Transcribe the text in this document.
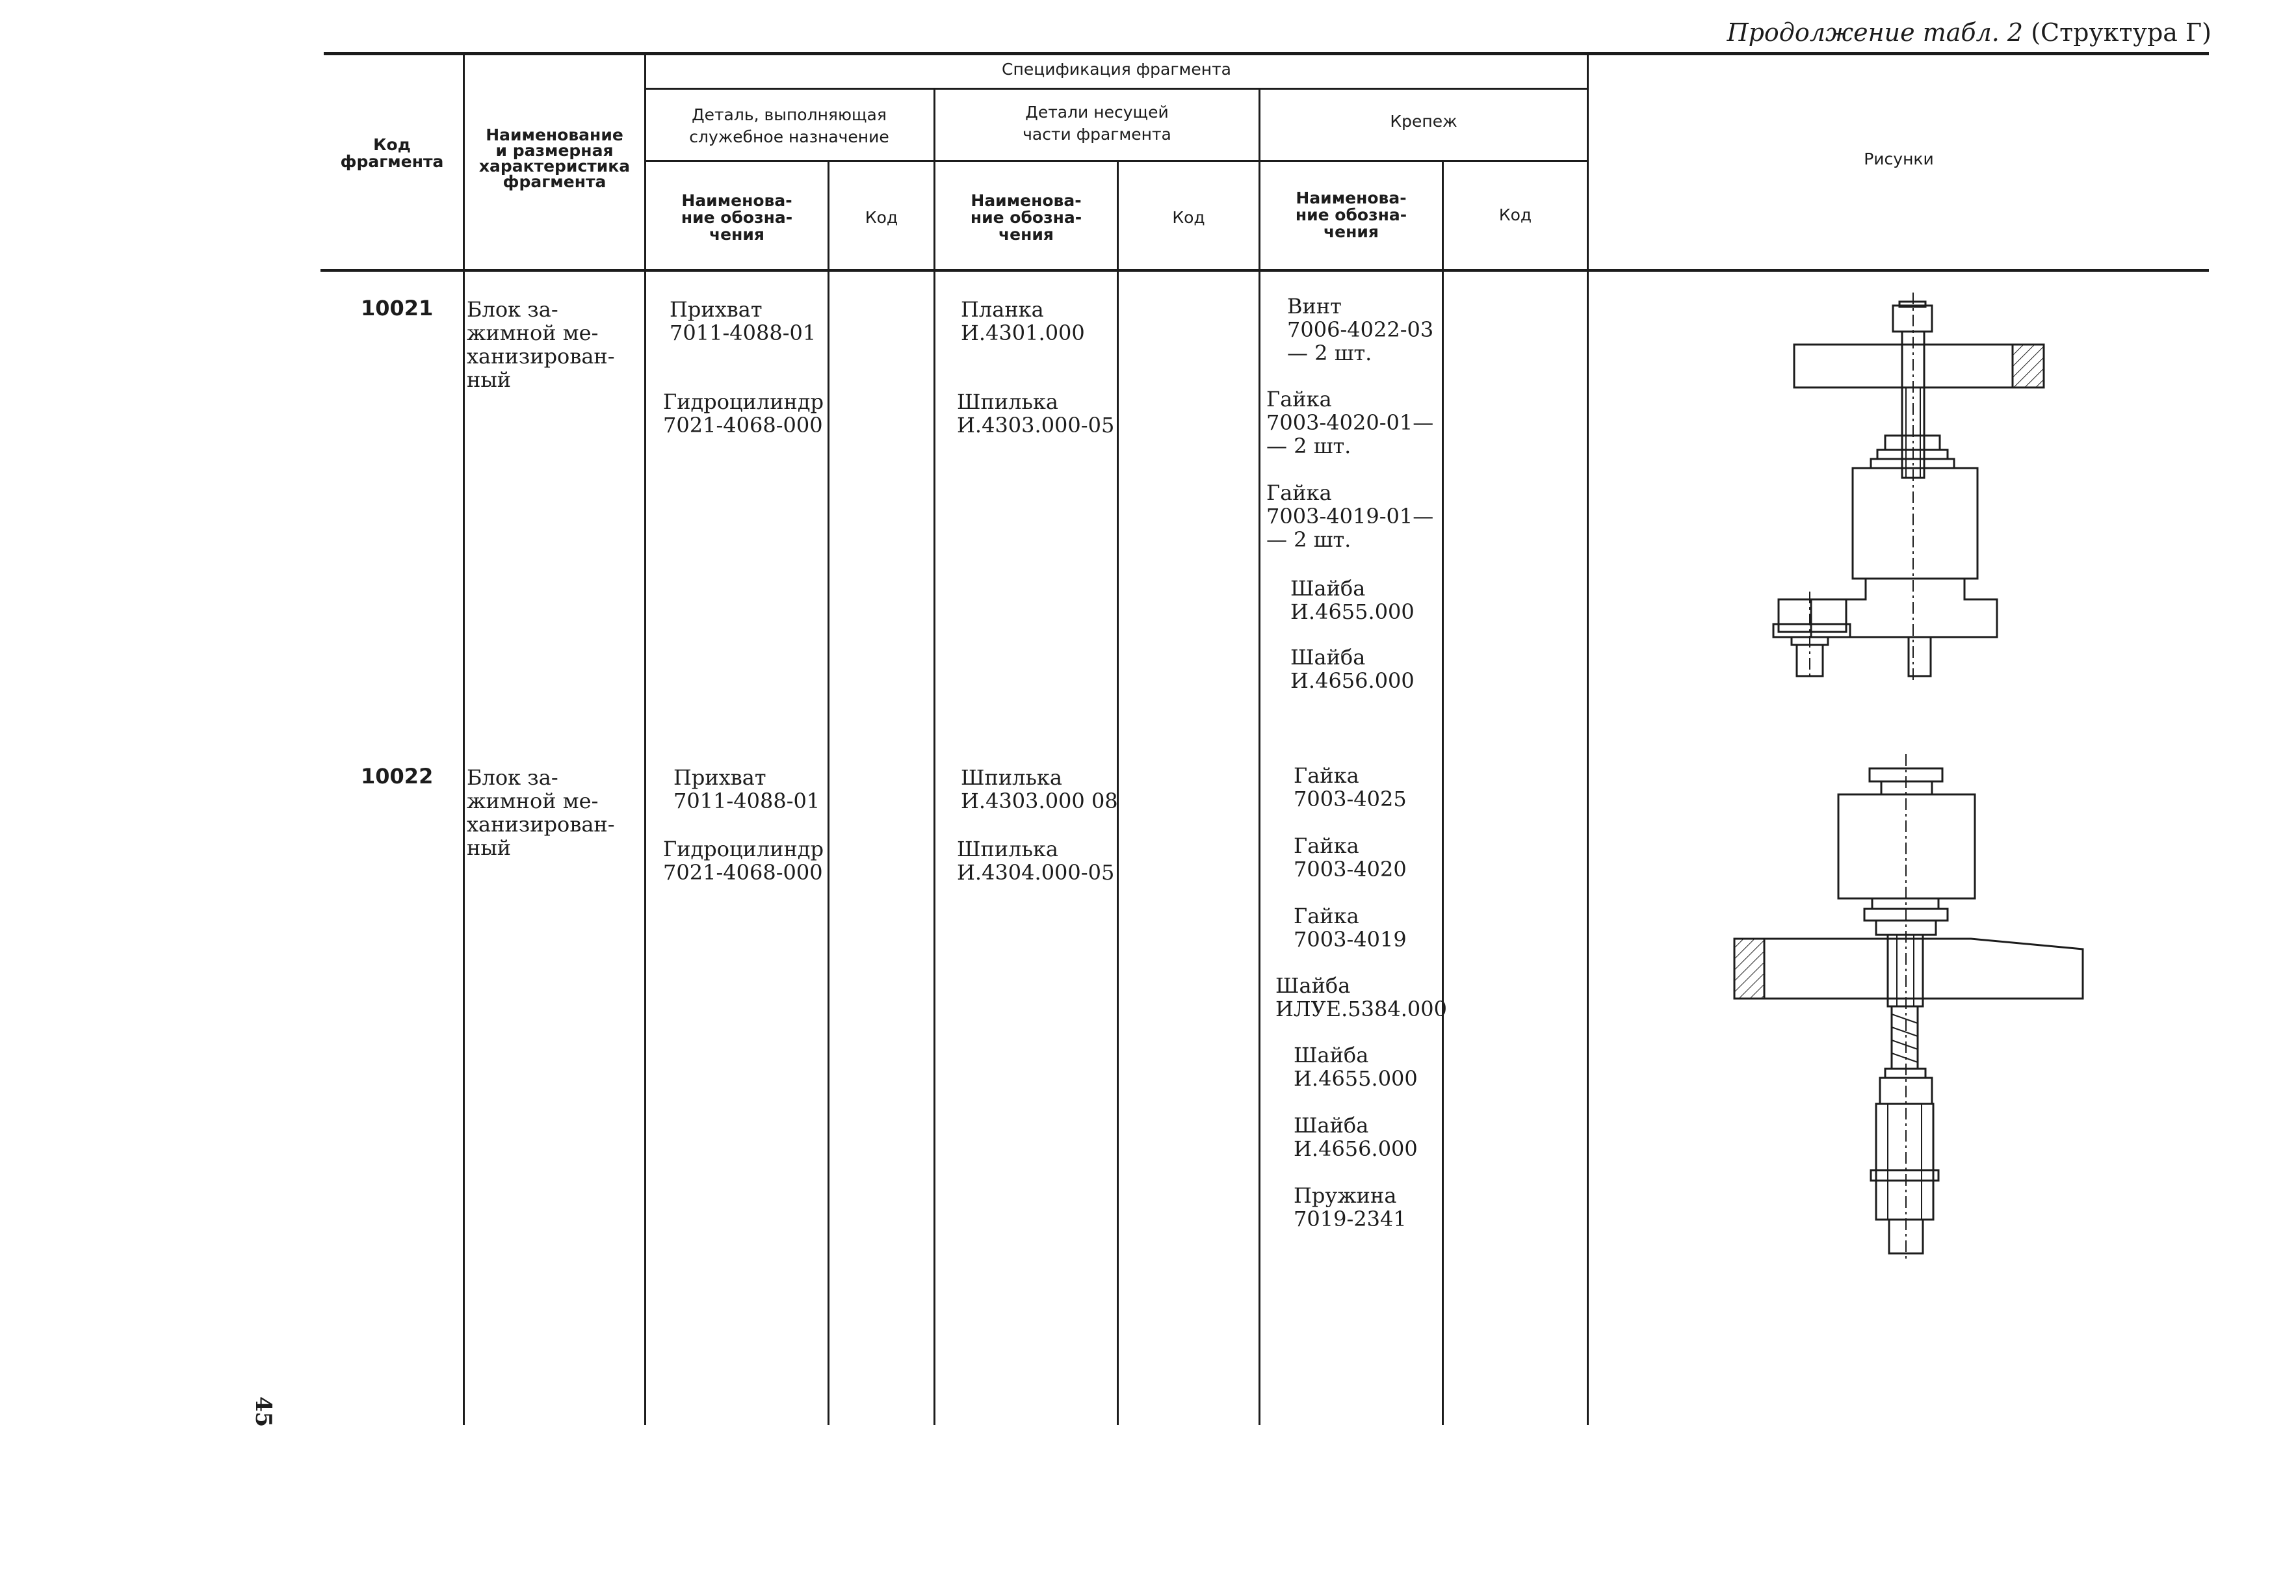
Продолжение табл. 2 (Структура Г)
Код
фрагмента
Наименование
и размерная
характеристика
фрагмента
Спецификация фрагмента
Деталь, выполняющая
служебное назначение
Детали несущей
части фрагмента
Крепеж
Рисунки
Наименова-
ние обозна-
чения
Код
Наименова-
ние обозна-
чения
Код
Наименова-
ние обозна-
чения
Код
10021 Блок за-
жимной ме-
ханизирован-
ный
Прихват
7011-4088-01
Гидроцилиндр
7021-4068-000
Планка
И.4301.000
Шпилька
И.4303.000-05
Винт
7006-4022-03
— 2 шт.
Гайка
7003-4020-01—
— 2 шт.
Гайка
7003-4019-01—
— 2 шт.
Шайба
И.4655.000
Шайба
И.4656.000
10022 Блок за-
жимной ме-
ханизирован-
ный
Прихват
7011-4088-01
Гидроцилиндр
7021-4068-000
Шпилька
И.4303.000 08
Шпилька
И.4304.000-05
Гайка
7003-4025
Гайка
7003-4020
Гайка
7003-4019
Шайба
ИЛУЕ.5384.000
Шайба
И.4655.000
Шайба
И.4656.000
Пружина
7019-2341
45
